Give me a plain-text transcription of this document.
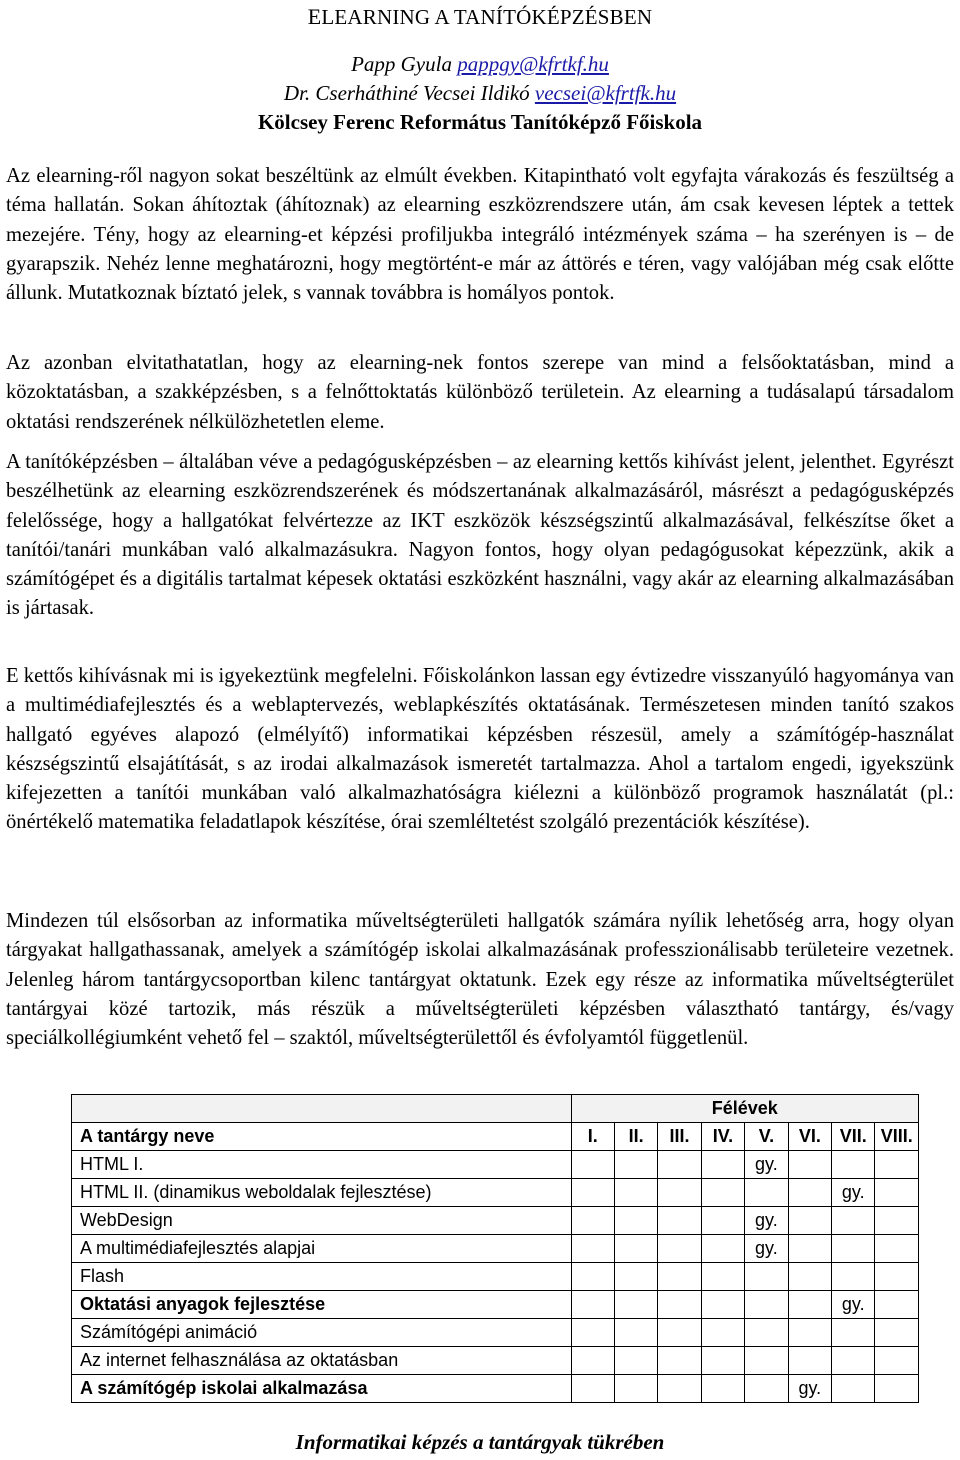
ELEARNING A TANÍTÓKÉPZÉSBEN
Papp Gyula pappgy@kfrtkf.hu
Dr. Cserháthiné Vecsei Ildikó vecsei@kfrtfk.hu
Kölcsey Ferenc Református Tanítóképző Főiskola

Az elearning-ről nagyon sokat beszéltünk az elmúlt években. Kitapintható volt egyfajta várakozás és feszültség a téma hallatán. Sokan áhítoztak (áhítoznak) az elearning eszközrendszere után, ám csak kevesen léptek a tettek mezejére. Tény, hogy az elearning-et képzési profiljukba integráló intézmények száma – ha szerényen is – de gyarapszik. Nehéz lenne meghatározni, hogy megtörtént-e már az áttörés e téren, vagy valójában még csak előtte állunk. Mutatkoznak bíztató jelek, s vannak továbbra is homályos pontok.

Az azonban elvitathatatlan, hogy az elearning-nek fontos szerepe van mind a felsőoktatásban, mind a közoktatásban, a szakképzésben, s a felnőttoktatás különböző területein. Az elearning a tudásalapú társadalom oktatási rendszerének nélkülözhetetlen eleme.

A tanítóképzésben – általában véve a pedagógusképzésben – az elearning kettős kihívást jelent, jelenthet. Egyrészt beszélhetünk az elearning eszközrendszerének és módszertanának alkalmazásáról, másrészt a pedagógusképzés felelőssége, hogy a hallgatókat felvértezze az IKT eszközök készségszintű alkalmazásával, felkészítse őket a tanítói/tanári munkában való alkalmazásukra. Nagyon fontos, hogy olyan pedagógusokat képezzünk, akik a számítógépet és a digitális tartalmat képesek oktatási eszközként használni, vagy akár az elearning alkalmazásában is jártasak.

E kettős kihívásnak mi is igyekeztünk megfelelni. Főiskolánkon lassan egy évtizedre visszanyúló hagyománya van a multimédiafejlesztés és a weblaptervezés, weblapkészítés oktatásának. Természetesen minden tanító szakos hallgató egyéves alapozó (elmélyítő) informatikai képzésben részesül, amely a számítógép-használat készségszintű elsajátítását, s az irodai alkalmazások ismeretét tartalmazza. Ahol a tartalom engedi, igyekszünk kifejezetten a tanítói munkában való alkalmazhatóságra kiélezni a különböző programok használatát (pl.: önértékelő matematika feladatlapok készítése, órai szemléltetést szolgáló prezentációk készítése).

Mindezen túl elsősorban az informatika műveltségterületi hallgatók számára nyílik lehetőség arra, hogy olyan tárgyakat hallgathassanak, amelyek a számítógép iskolai alkalmazásának professzionálisabb területeire vezetnek. Jelenleg három tantárgycsoportban kilenc tantárgyat oktatunk. Ezek egy része az informatika műveltségterület tantárgyai közé tartozik, más részük a műveltségterületi képzésben választható tantárgy, és/vagy speciálkollégiumként vehető fel – szaktól, műveltségterülettől és évfolyamtól függetlenül.

	Félévek							
A tantárgy neve	I.	II.	III.	IV.	V.	VI.	VII.	VIII.
HTML I.					gy.			
HTML II. (dinamikus weboldalak fejlesztése)							gy.	
WebDesign					gy.			
A multimédiafejlesztés alapjai					gy.			
Flash								
Oktatási anyagok fejlesztése							gy.	
Számítógépi animáció								
Az internet felhasználása az oktatásban								
A számítógép iskolai alkalmazása						gy.		
Informatikai képzés a tantárgyak tükrében
